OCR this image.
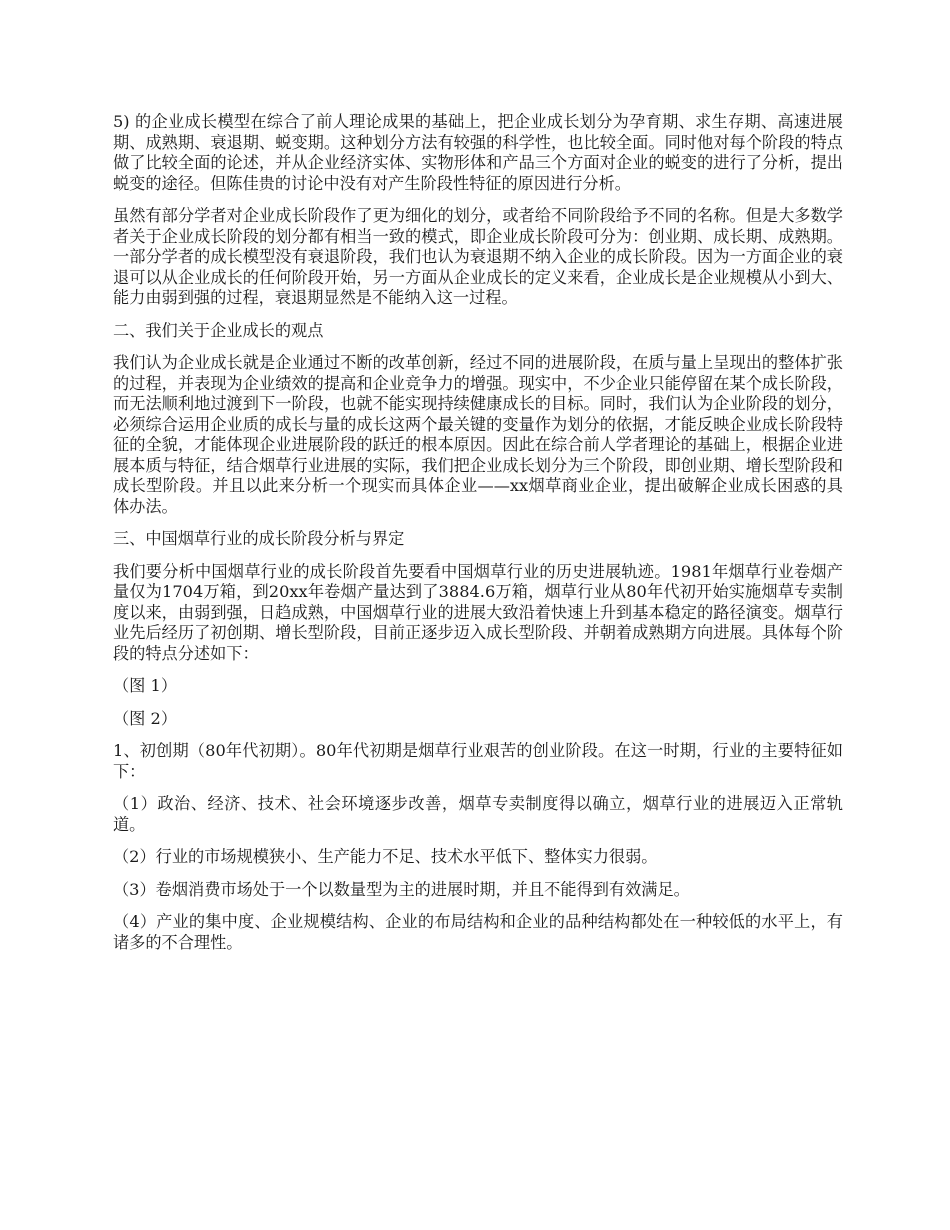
5) 的企业成长模型在综合了前人理论成果的基础上，把企业成长划分为孕育期、求生存期、高速进展期、成熟期、衰退期、蜕变期。这种划分方法有较强的科学性，也比较全面。同时他对每个阶段的特点做了比较全面的论述，并从企业经济实体、实物形体和产品三个方面对企业的蜕变的进行了分析，提出蜕变的途径。但陈佳贵的讨论中没有对产生阶段性特征的原因进行分析。

虽然有部分学者对企业成长阶段作了更为细化的划分，或者给不同阶段给予不同的名称。但是大多数学者关于企业成长阶段的划分都有相当一致的模式，即企业成长阶段可分为：创业期、成长期、成熟期。一部分学者的成长模型没有衰退阶段，我们也认为衰退期不纳入企业的成长阶段。因为一方面企业的衰退可以从企业成长的任何阶段开始，另一方面从企业成长的定义来看，企业成长是企业规模从小到大、能力由弱到强的过程，衰退期显然是不能纳入这一过程。

二、我们关于企业成长的观点

我们认为企业成长就是企业通过不断的改革创新，经过不同的进展阶段，在质与量上呈现出的整体扩张的过程，并表现为企业绩效的提高和企业竞争力的增强。现实中，不少企业只能停留在某个成长阶段，而无法顺利地过渡到下一阶段，也就不能实现持续健康成长的目标。同时，我们认为企业阶段的划分，必须综合运用企业质的成长与量的成长这两个最关键的变量作为划分的依据，才能反映企业成长阶段特征的全貌，才能体现企业进展阶段的跃迁的根本原因。因此在综合前人学者理论的基础上，根据企业进展本质与特征，结合烟草行业进展的实际，我们把企业成长划分为三个阶段，即创业期、增长型阶段和成长型阶段。并且以此来分析一个现实而具体企业——xx烟草商业企业，提出破解企业成长困惑的具体办法。

三、中国烟草行业的成长阶段分析与界定

我们要分析中国烟草行业的成长阶段首先要看中国烟草行业的历史进展轨迹。1981年烟草行业卷烟产量仅为1704万箱，到20xx年卷烟产量达到了3884.6万箱，烟草行业从80年代初开始实施烟草专卖制度以来，由弱到强，日趋成熟，中国烟草行业的进展大致沿着快速上升到基本稳定的路径演变。烟草行业先后经历了初创期、增长型阶段，目前正逐步迈入成长型阶段、并朝着成熟期方向进展。具体每个阶段的特点分述如下：

（图 1）

（图 2）

1、初创期（80年代初期）。80年代初期是烟草行业艰苦的创业阶段。在这一时期，行业的主要特征如下：

（1）政治、经济、技术、社会环境逐步改善，烟草专卖制度得以确立，烟草行业的进展迈入正常轨道。

（2）行业的市场规模狭小、生产能力不足、技术水平低下、整体实力很弱。

（3）卷烟消费市场处于一个以数量型为主的进展时期，并且不能得到有效满足。

（4）产业的集中度、企业规模结构、企业的布局结构和企业的品种结构都处在一种较低的水平上，有诸多的不合理性。
